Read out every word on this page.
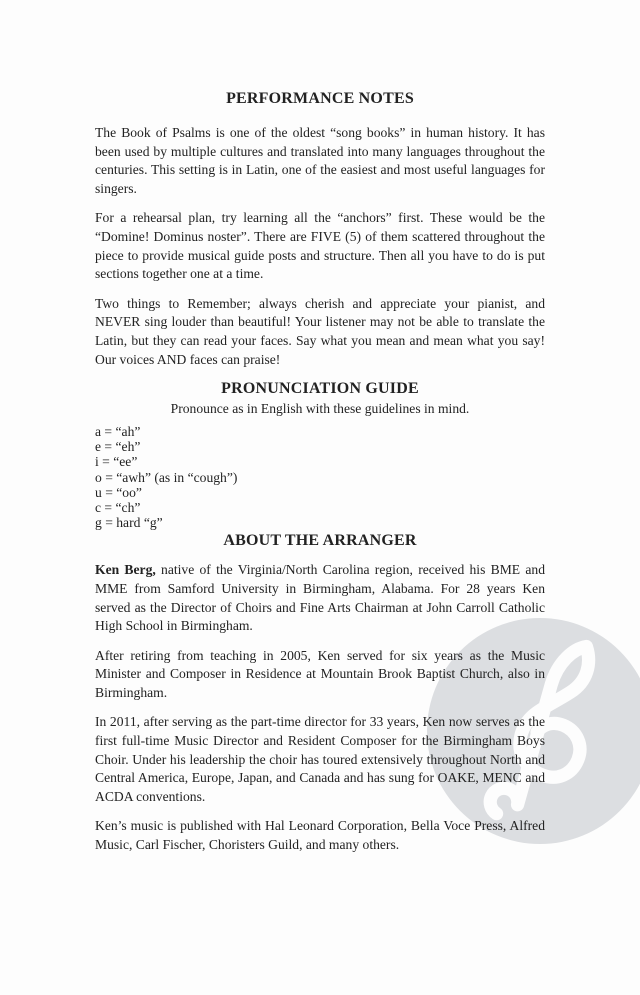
PERFORMANCE NOTES

The Book of Psalms is one of the oldest “song books” in human history. It has been used by multiple cultures and translated into many languages throughout the centuries. This setting is in Latin, one of the easiest and most useful languages for singers.

For a rehearsal plan, try learning all the “anchors” first. These would be the “Domine! Dominus noster”. There are FIVE (5) of them scattered throughout the piece to provide musical guide posts and structure. Then all you have to do is put sections together one at a time.

Two things to Remember; always cherish and appreciate your pianist, and NEVER sing louder than beautiful! Your listener may not be able to translate the Latin, but they can read your faces. Say what you mean and mean what you say! Our voices AND faces can praise!

PRONUNCIATION GUIDE

Pronounce as in English with these guidelines in mind.

a = “ah”
e = “eh”
i = “ee”
o = “awh” (as in “cough”)
u = “oo”
c = “ch”
g = hard “g”
ABOUT THE ARRANGER

Ken Berg, native of the Virginia/North Carolina region, received his BME and MME from Samford University in Birmingham, Alabama. For 28 years Ken served as the Director of Choirs and Fine Arts Chairman at John Carroll Catholic High School in Birmingham.

After retiring from teaching in 2005, Ken served for six years as the Music Minister and Composer in Residence at Mountain Brook Baptist Church, also in Birmingham.

In 2011, after serving as the part-time director for 33 years, Ken now serves as the first full-time Music Director and Resident Composer for the Birmingham Boys Choir. Under his leadership the choir has toured extensively throughout North and Central America, Europe, Japan, and Canada and has sung for OAKE, MENC and ACDA conventions.

Ken’s music is published with Hal Leonard Corporation, Bella Voce Press, Alfred Music, Carl Fischer, Choristers Guild, and many others.
